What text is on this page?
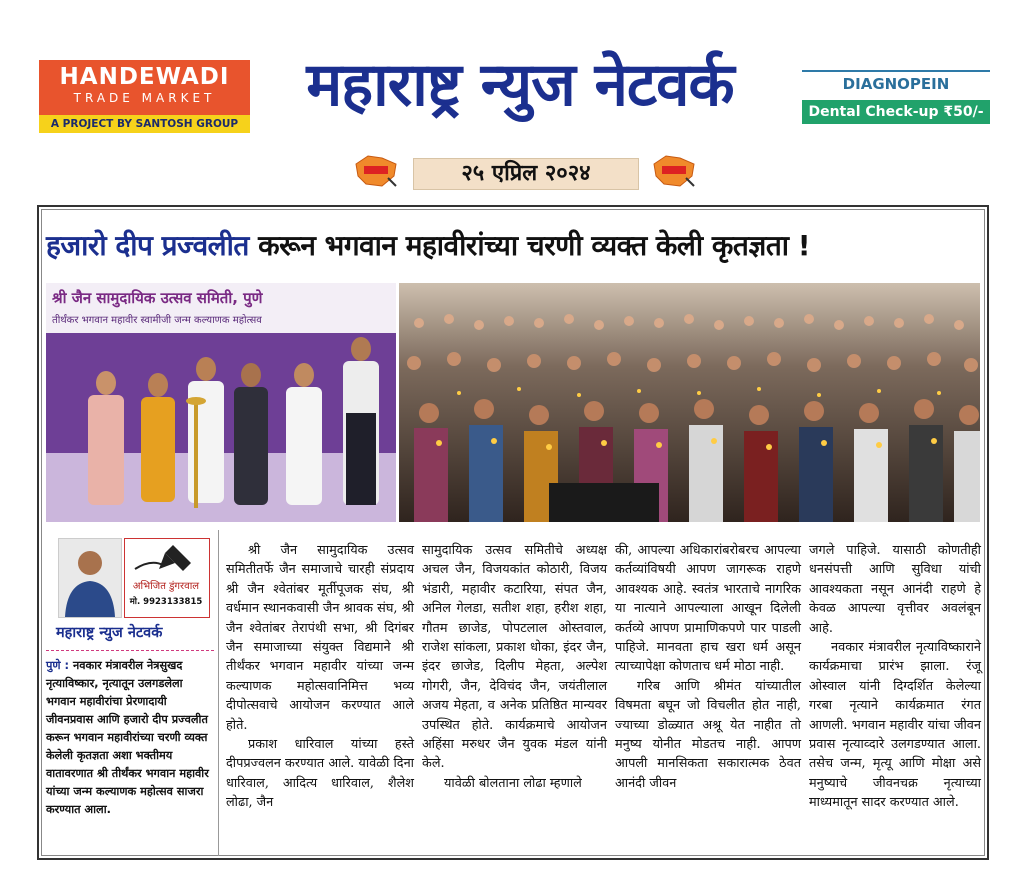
HANDEWADI
TRADE MARKET
A PROJECT BY SANTOSH GROUP
महाराष्ट्र न्युज नेटवर्क	DIAGNOPEIN
Dental Check-up ₹50/-
२५ एप्रिल २०२४
हजारो दीप प्रज्वलीत करून भगवान महावीरांच्या चरणी व्यक्त केली कृतज्ञता !
श्री जैन सामुदायिक उत्सव समिती, पुणे
तीर्थंकर भगवान महावीर स्वामीजी जन्म कल्याणक महोत्सव
अभिजित डुंगरवाल
मो. 9923133815
महाराष्ट्र न्युज नेटवर्क
पुणे : नवकार मंत्रावरील नेत्रसुखद नृत्याविष्कार, नृत्यातून उलगडलेला भगवान महावीरांचा प्रेरणादायी जीवनप्रवास आणि हजारो दीप प्रज्वलीत करून भगवान महावीरांच्या चरणी व्यक्त केलेली कृतज्ञता अशा भक्तीमय वातावरणात श्री तीर्थंकर भगवान महावीर यांच्या जन्म कल्याणक महोत्सव साजरा करण्यात आला.

श्री जैन सामुदायिक उत्सव समितीतर्फे जैन समाजाचे चारही संप्रदाय श्री जैन श्वेतांबर मूर्तीपूजक संघ, श्री वर्धमान स्थानकवासी जैन श्रावक संघ, श्री जैन श्वेतांबर तेरापंथी सभा, श्री दिगंबर जैन समाजाच्या संयुक्त विद्यमाने श्री तीर्थंकर भगवान महावीर यांच्या जन्म कल्याणक महोत्सवानिमित्त भव्य दीपोत्सवाचे आयोजन करण्यात आले होते.

प्रकाश धारिवाल यांच्या हस्ते दीपप्रज्वलन करण्यात आले. यावेळी दिना धारिवाल, आदित्य धारिवाल, शैलेश लोढा, जैन

सामुदायिक उत्सव समितीचे अध्यक्ष अचल जैन, विजयकांत कोठारी, विजय भंडारी, महावीर कटारिया, संपत जैन, अनिल गेलडा, सतीश शहा, हरीश शहा, गौतम छाजेड, पोपटलाल ओस्तवाल, राजेश सांकला, प्रकाश धोका, इंदर जैन, इंदर छाजेड, दिलीप मेहता, अल्पेश गोगरी, जैन, देविचंद जैन, जयंतीलाल अजय मेहता, व अनेक प्रतिष्ठित मान्यवर उपस्थित होते. कार्यक्रमाचे आयोजन अहिंसा मरुधर जैन युवक मंडल यांनी केले.

यावेळी बोलताना लोढा म्हणाले

की, आपल्या अधिकारांबरोबरच आपल्या कर्तव्यांविषयी आपण जागरूक राहणे आवश्यक आहे. स्वतंत्र भारताचे नागरिक या नात्याने आपल्याला आखून दिलेली कर्तव्ये आपण प्रामाणिकपणे पार पाडली पाहिजे. मानवता हाच खरा धर्म असून त्याच्यापेक्षा कोणताच धर्म मोठा नाही.

गरिब आणि श्रीमंत यांच्यातील विषमता बघून जो विचलीत होत नाही, ज्याच्या डोळ्यात अश्रू येत नाहीत तो मनुष्य योनीत मोडतच नाही. आपण आपली मानसिकता सकारात्मक ठेवत आनंदी जीवन

जगले पाहिजे. यासाठी कोणतीही धनसंपत्ती आणि सुविधा यांची आवश्यकता नसून आनंदी राहणे हे केवळ आपल्या वृत्तीवर अवलंबून आहे.

नवकार मंत्रावरील नृत्याविष्काराने कार्यक्रमाचा प्रारंभ झाला. रंजू ओस्वाल यांनी दिग्दर्शित केलेल्या गरबा नृत्याने कार्यक्रमात रंगत आणली. भगवान महावीर यांचा जीवन प्रवास नृत्याव्दारे उलगडण्यात आला. तसेच जन्म, मृत्यू आणि मोक्षा असे मनुष्याचे जीवनचक्र नृत्याच्या माध्यमातून सादर करण्यात आले.
